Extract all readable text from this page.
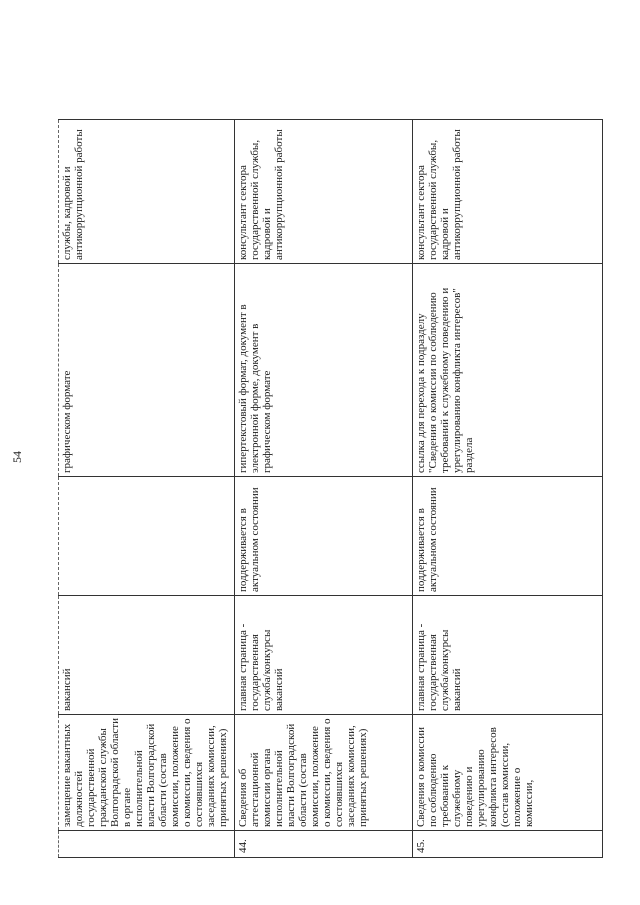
54
	замещение вакантных должностей государственной гражданской службы Волгоградской области в органе исполнительной власти Волгоградской области (состав комиссии, положение о комиссии, сведения о состоявшихся заседаниях комиссии, принятых решениях)	вакансий		графическом формате	службы, кадровой и антикоррупционной работы
44.	Сведения об аттестационной комиссии органа исполнительной власти Волгоградской области (состав комиссии, положение о комиссии, сведения о состоявшихся заседаниях комиссии, принятых решениях)	главная страница - государственная служба/конкурсы вакансий	поддерживается в актуальном состоянии	гипертекстовый формат, документ в электронной форме, документ в графическом формате	консультант сектора государственной службы, кадровой и антикоррупционной работы
45.	Сведения о комиссии по соблюдению требований к служебному поведению и урегулированию конфликта интересов (состав комиссии, положение о комиссии,	главная страница - государственная служба/конкурсы вакансий	поддерживается в актуальном состоянии	ссылка для перехода к подразделу "Сведения о комиссии по соблюдению требований к служебному поведению и урегулированию конфликта интересов" раздела	консультант сектора государственной службы, кадровой и антикоррупционной работы
